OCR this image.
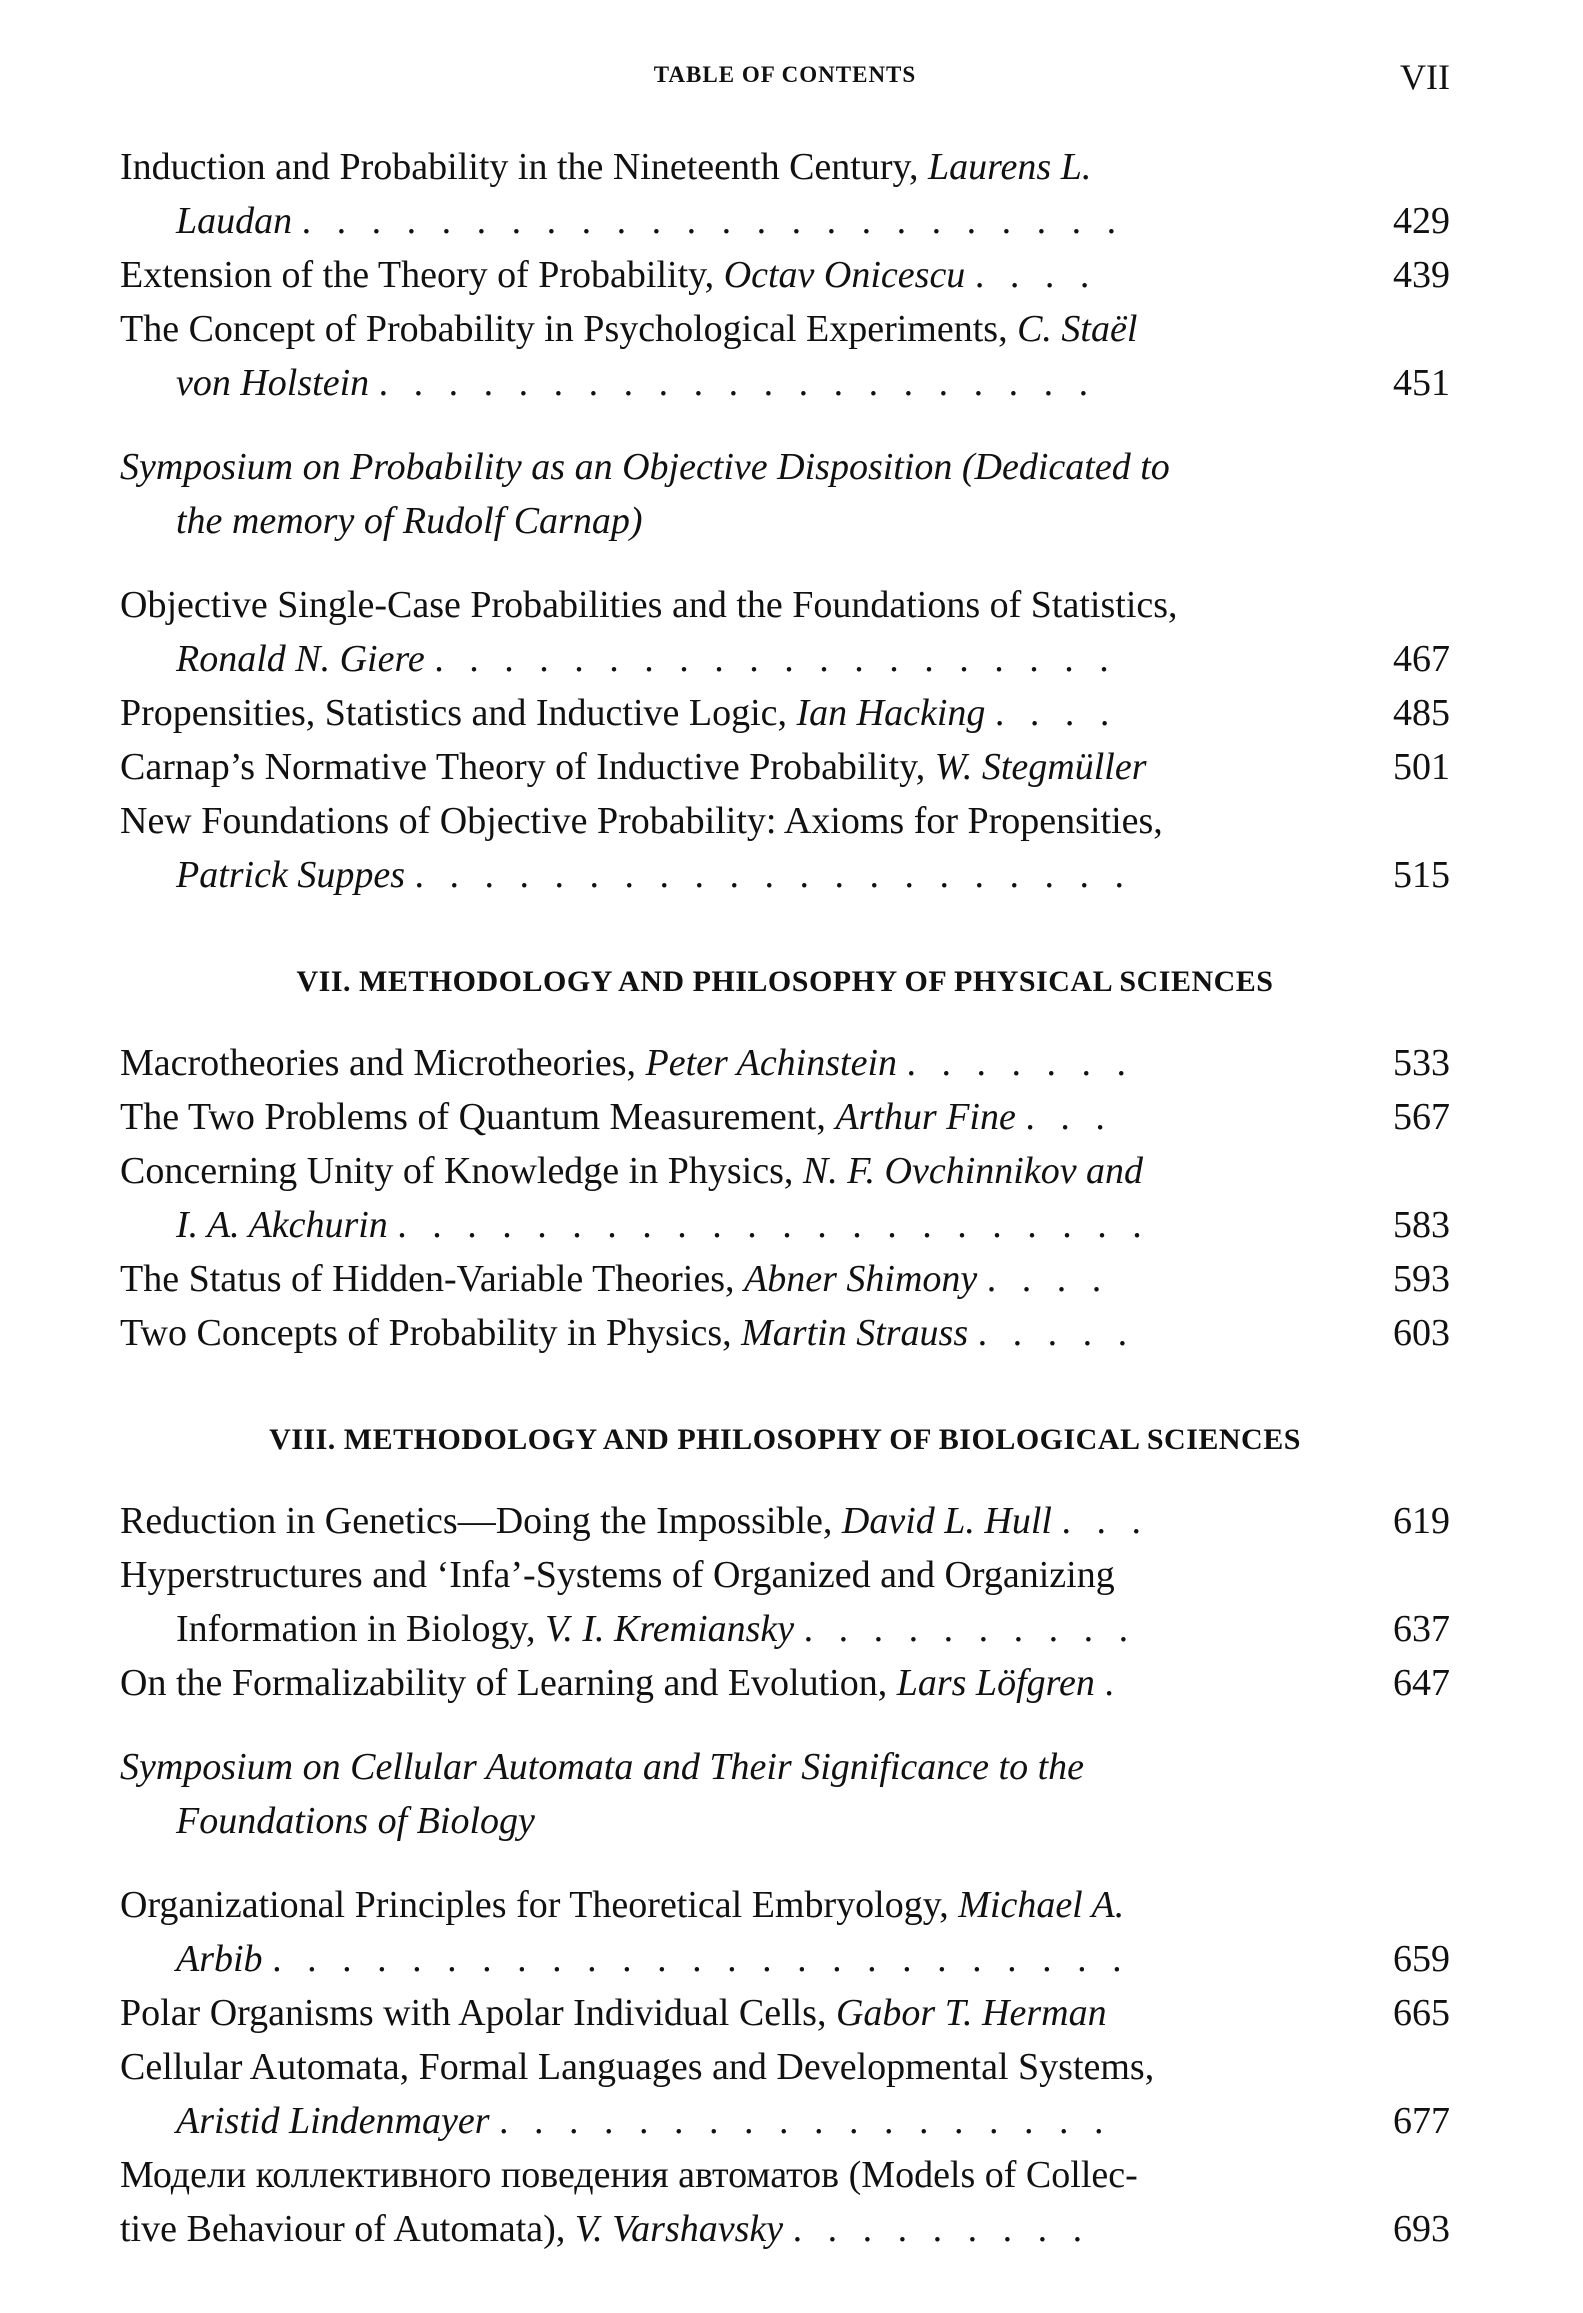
TABLE OF CONTENTS	VII
Induction and Probability in the Nineteenth Century, Laurens L.
Laudan . . . . . . . . . . . . . . . . . . . . . . . .	429
Extension of the Theory of Probability, Octav Onicescu . . . .	439
The Concept of Probability in Psychological Experiments, C. Staël
von Holstein . . . . . . . . . . . . . . . . . . . . .	451
Symposium on Probability as an Objective Disposition (Dedicated to
the memory of Rudolf Carnap)
Objective Single-Case Probabilities and the Foundations of Statistics,
Ronald N. Giere . . . . . . . . . . . . . . . . . . . .	467
Propensities, Statistics and Inductive Logic, Ian Hacking . . . .	485
Carnap’s Normative Theory of Inductive Probability, W. Stegmüller	501
New Foundations of Objective Probability: Axioms for Propensities,
Patrick Suppes . . . . . . . . . . . . . . . . . . . . .	515
VII. METHODOLOGY AND PHILOSOPHY OF PHYSICAL SCIENCES
Macrotheories and Microtheories, Peter Achinstein . . . . . . .	533
The Two Problems of Quantum Measurement, Arthur Fine . . .	567
Concerning Unity of Knowledge in Physics, N. F. Ovchinnikov and
I. A. Akchurin . . . . . . . . . . . . . . . . . . . . . .	583
The Status of Hidden-Variable Theories, Abner Shimony . . . .	593
Two Concepts of Probability in Physics, Martin Strauss . . . . .	603
VIII. METHODOLOGY AND PHILOSOPHY OF BIOLOGICAL SCIENCES
Reduction in Genetics—Doing the Impossible, David L. Hull . . .	619
Hyperstructures and ‘Infa’-Systems of Organized and Organizing
Information in Biology, V. I. Kremiansky . . . . . . . . . .	637
On the Formalizability of Learning and Evolution, Lars Löfgren .	647
Symposium on Cellular Automata and Their Significance to the
Foundations of Biology
Organizational Principles for Theoretical Embryology, Michael A.
Arbib . . . . . . . . . . . . . . . . . . . . . . . . .	659
Polar Organisms with Apolar Individual Cells, Gabor T. Herman	665
Cellular Automata, Formal Languages and Developmental Systems,
Aristid Lindenmayer . . . . . . . . . . . . . . . . . .	677
Модели коллективного поведения автоматов (Models of Collec-
tive Behaviour of Automata), V. Varshavsky . . . . . . . . .	693
